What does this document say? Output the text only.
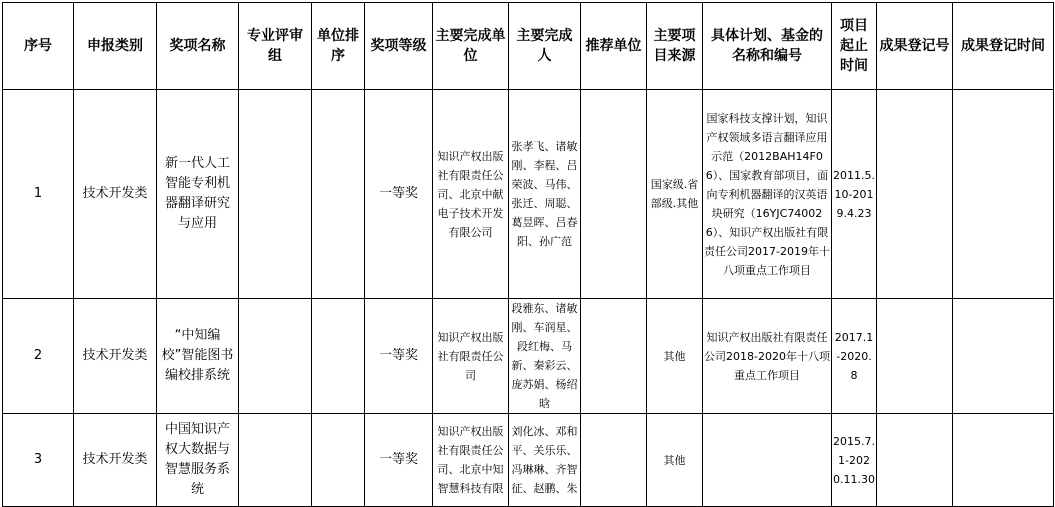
序号	申报类别	奖项名称	专业评审组	单位排序	奖项等级	主要完成单位	主要完成人	推荐单位	主要项目来源	具体计划、基金的名称和编号	项目起止时间	成果登记号	成果登记时间
1	技术开发类	新一代人工智能专利机器翻译研究与应用			一等奖	知识产权出版社有限责任公司、北京中献电子技术开发有限公司	张孝飞、诸敏刚、李程、吕荣波、马伟、张迁、周聪、葛昱晖、吕春阳、孙广范		国家级.省部级.其他	国家科技支撑计划，知识产权领域多语言翻译应用示范（2012BAH14F06）、国家教育部项目，面向专利机器翻译的汉英语块研究（16YJC740026）、知识产权出版社有限责任公司2017-2019年十八项重点工作项目	2011.5.10-2019.4.23		
2	技术开发类	“中知编校”智能图书编校排系统			一等奖	知识产权出版社有限责任公司	段雅东、诸敏刚、车润星、段红梅、马新、秦彩云、庞苏娟、杨绍晗		其他	知识产权出版社有限责任公司2018-2020年十八项重点工作项目	2017.1-2020.8		
3	技术开发类	中国知识产权大数据与智慧服务系统			一等奖	知识产权出版社有限责任公司、北京中知智慧科技有限	刘化冰、邓和平、关乐乐、冯琳琳、齐智征、赵鹏、朱		其他		2015.7.1-2020.11.30		
